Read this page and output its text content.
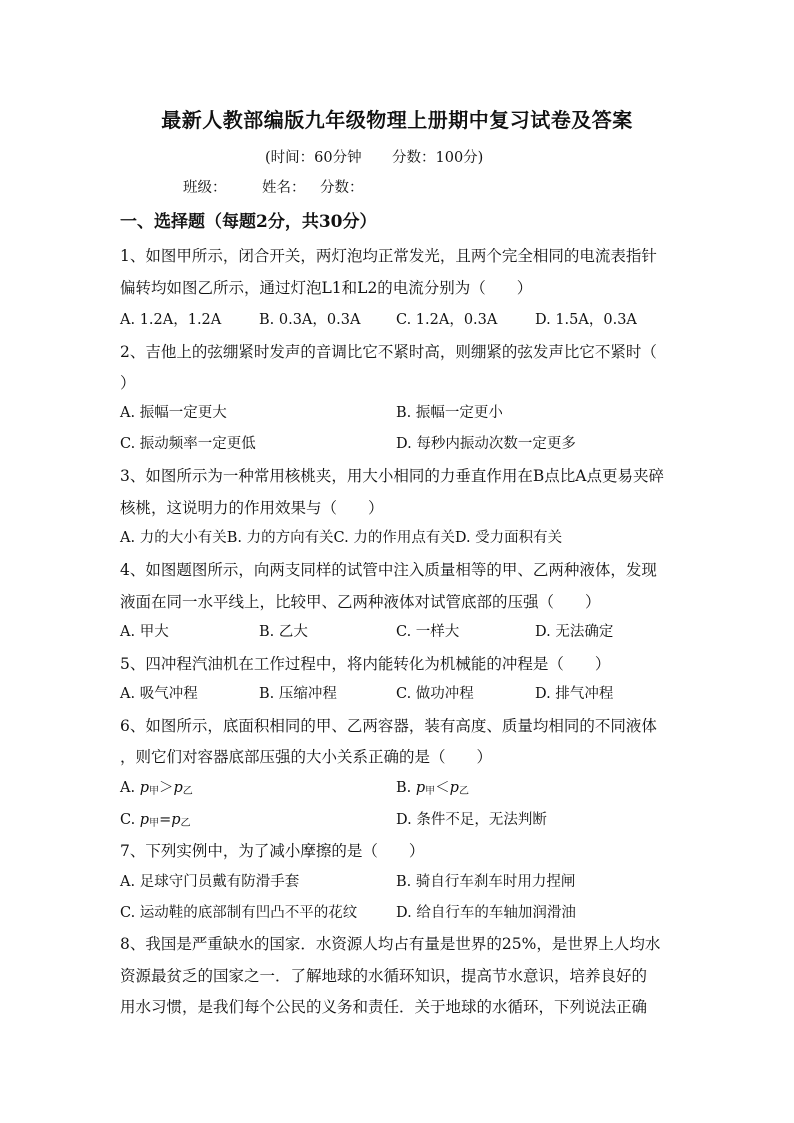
最新人教部编版九年级物理上册期中复习试卷及答案
(时间：60分钟 分数：100分)
班级： 姓名： 分数：
一、选择题（每题2分，共30分）
1、如图甲所示，闭合开关，两灯泡均正常发光，且两个完全相同的电流表指针
偏转均如图乙所示，通过灯泡L1和L2的电流分别为（　　）
A. 1.2A，1.2A	B. 0.3A，0.3A C. 1.2A，0.3A	D. 1.5A，0.3A
2、吉他上的弦绷紧时发声的音调比它不紧时高，则绷紧的弦发声比它不紧时（
）
A. 振幅一定更大	B. 振幅一定更小
C. 振动频率一定更低	D. 每秒内振动次数一定更多
3、如图所示为一种常用核桃夹，用大小相同的力垂直作用在B点比A点更易夹碎
核桃，这说明力的作用效果与（　　）
A. 力的大小有关B. 力的方向有关C. 力的作用点有关D. 受力面积有关
4、如图题图所示，向两支同样的试管中注入质量相等的甲、乙两种液体，发现
液面在同一水平线上，比较甲、乙两种液体对试管底部的压强（　　）
A. 甲大	B. 乙大	C. 一样大	D. 无法确定
5、四冲程汽油机在工作过程中，将内能转化为机械能的冲程是（　　）
A. 吸气冲程	B. 压缩冲程	C. 做功冲程	D. 排气冲程
6、如图所示，底面积相同的甲、乙两容器，装有高度、质量均相同的不同液体
，则它们对容器底部压强的大小关系正确的是（　　）
A. $p_甲>p_乙$	B. $p_甲<p_乙$
C. $p_甲=p_乙$	D. 条件不足，无法判断
7、下列实例中，为了减小摩擦的是（　　）
A. 足球守门员戴有防滑手套	B. 骑自行车刹车时用力捏闸
C. 运动鞋的底部制有凹凸不平的花纹	D. 给自行车的车轴加润滑油
8、我国是严重缺水的国家．水资源人均占有量是世界的25%，是世界上人均水
资源最贫乏的国家之一．了解地球的水循环知识，提高节水意识，培养良好的
用水习惯，是我们每个公民的义务和责任．关于地球的水循环，下列说法正确
